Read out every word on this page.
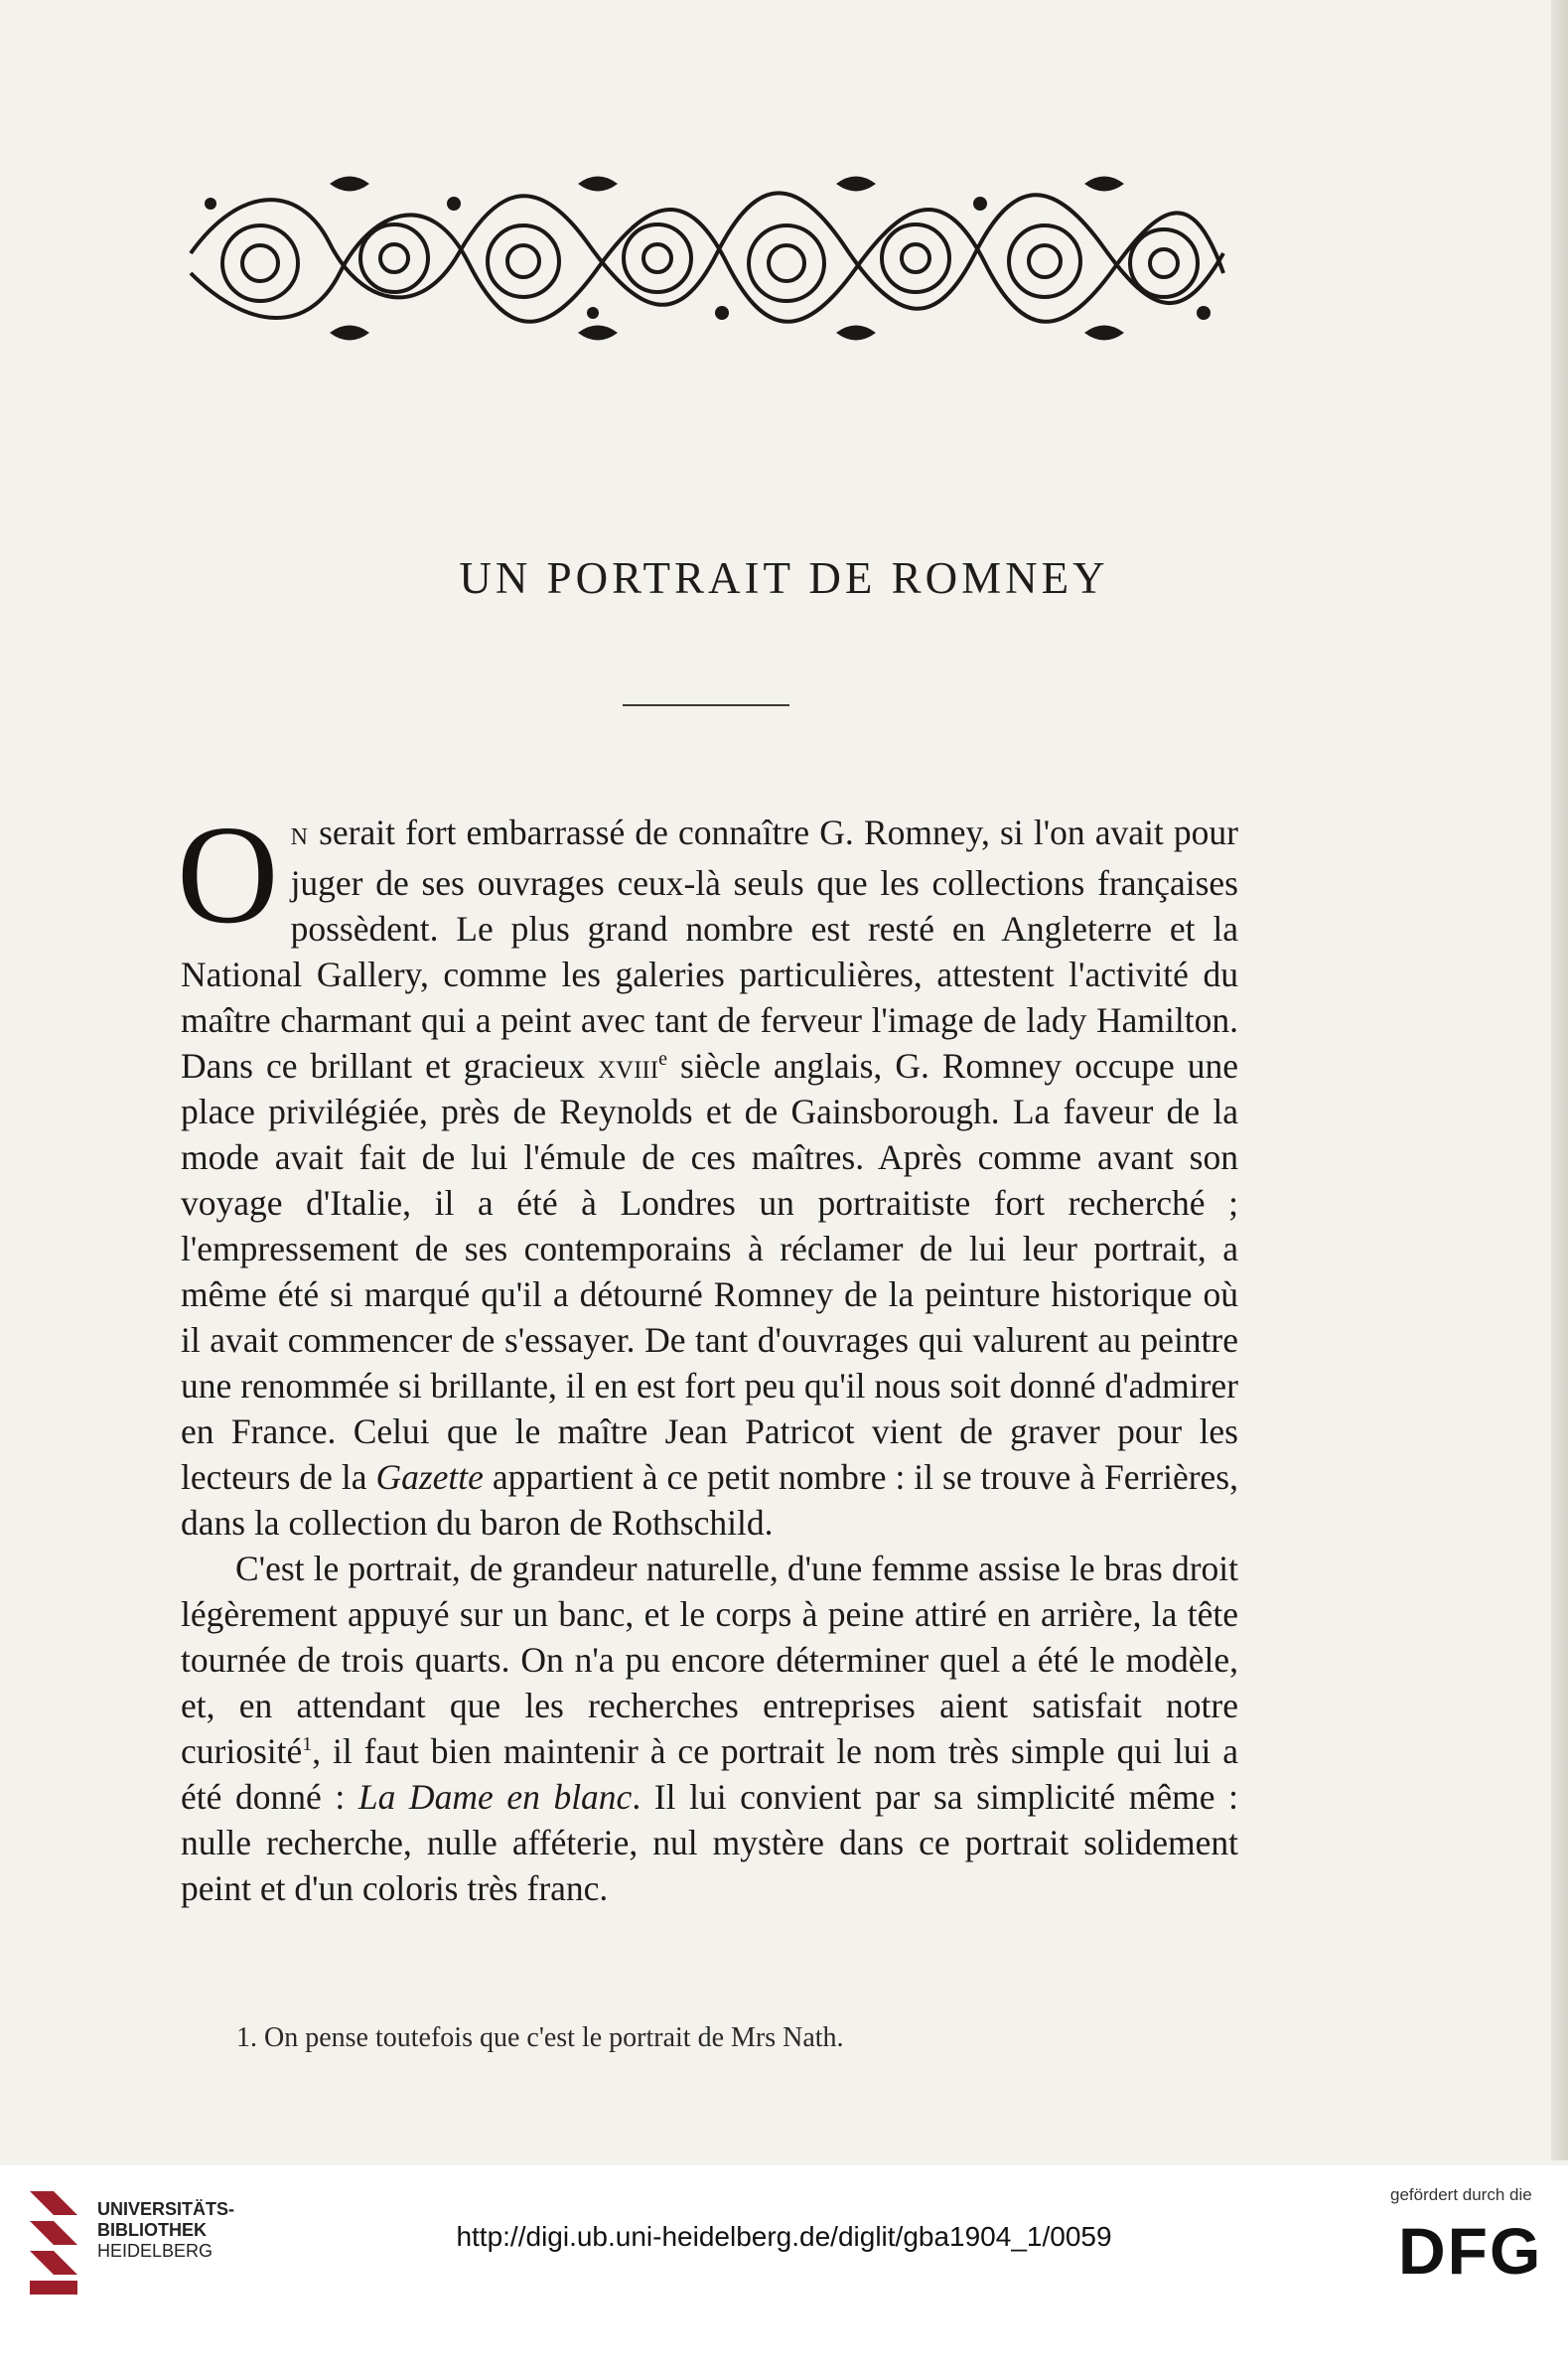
UN PORTRAIT DE ROMNEY

O N serait fort embarrassé de connaître G. Romney, si l'on avait pour juger de ses ouvrages ceux-là seuls que les collections françaises possèdent. Le plus grand nombre est resté en Angleterre et la National Gallery, comme les galeries particulières, attestent l'activité du maître charmant qui a peint avec tant de ferveur l'image de lady Hamilton. Dans ce brillant et gracieux xviii$^e$ siècle anglais, G. Romney occupe une place privilégiée, près de Reynolds et de Gainsborough. La faveur de la mode avait fait de lui l'émule de ces maîtres. Après comme avant son voyage d'Italie, il a été à Londres un portraitiste fort recherché ; l'empressement de ses contemporains à réclamer de lui leur portrait, a même été si marqué qu'il a détourné Romney de la peinture historique où il avait commencer de s'essayer. De tant d'ouvrages qui valurent au peintre une renommée si brillante, il en est fort peu qu'il nous soit donné d'admirer en France. Celui que le maître Jean Patricot vient de graver pour les lecteurs de la Gazette appartient à ce petit nombre : il se trouve à Ferrières, dans la collection du baron de Rothschild.

C'est le portrait, de grandeur naturelle, d'une femme assise le bras droit légèrement appuyé sur un banc, et le corps à peine attiré en arrière, la tête tournée de trois quarts. On n'a pu encore déterminer quel a été le modèle, et, en attendant que les recherches entreprises aient satisfait notre curiosité$^1$, il faut bien maintenir à ce portrait le nom très simple qui lui a été donné : La Dame en blanc. Il lui convient par sa simplicité même : nulle recherche, nulle afféterie, nul mystère dans ce portrait solidement peint et d'un coloris très franc.

1. On pense toutefois que c'est le portrait de Mrs Nath.
UNIVERSITÄTS-
BIBLIOTHEK
HEIDELBERG	http://digi.ub.uni-heidelberg.de/diglit/gba1904_1/0059
gefördert durch die
DFG
